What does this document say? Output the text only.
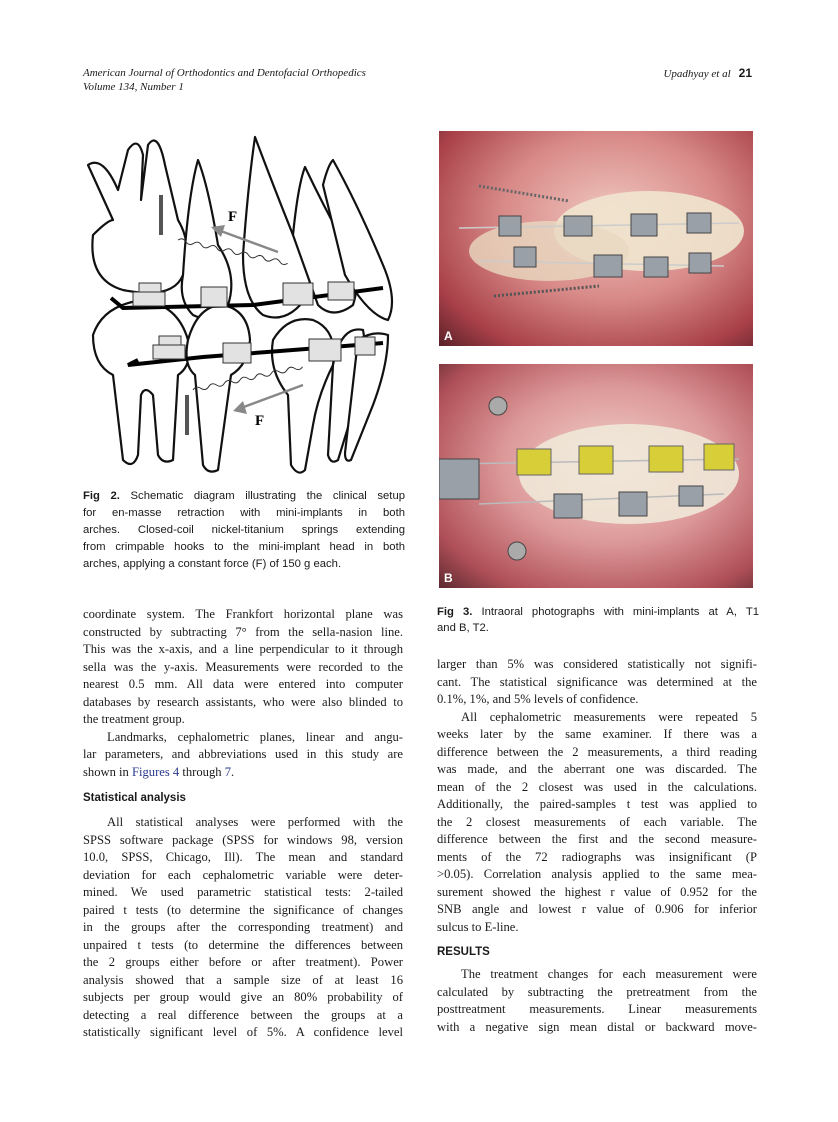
American Journal of Orthodontics and Dentofacial Orthopedics
Volume 134, Number 1
Upadhyay et al 21
F
F
Fig 2. Schematic diagram illustrating the clinical setup
for en-masse retraction with mini-implants in both
arches. Closed-coil nickel-titanium springs extending
from crimpable hooks to the mini-implant head in both
arches, applying a constant force (F) of 150 g each.
A
B
Fig 3. Intraoral photographs with mini-implants at A, T1
and B, T2.
coordinate system. The Frankfort horizontal plane was
constructed by subtracting 7° from the sella-nasion line.
This was the x-axis, and a line perpendicular to it through
sella was the y-axis. Measurements were recorded to the
nearest 0.5 mm. All data were entered into computer
databases by research assistants, who were also blinded to
the treatment group.
Landmarks, cephalometric planes, linear and angu-
lar parameters, and abbreviations used in this study are
shown in Figures 4 through 7.
Statistical analysis
All statistical analyses were performed with the
SPSS software package (SPSS for windows 98, version
10.0, SPSS, Chicago, Ill). The mean and standard
deviation for each cephalometric variable were deter-
mined. We used parametric statistical tests: 2-tailed
paired t tests (to determine the significance of changes
in the groups after the corresponding treatment) and
unpaired t tests (to determine the differences between
the 2 groups either before or after treatment). Power
analysis showed that a sample size of at least 16
subjects per group would give an 80% probability of
detecting a real difference between the groups at a
statistically significant level of 5%. A confidence level
larger than 5% was considered statistically not signifi-
cant. The statistical significance was determined at the
0.1%, 1%, and 5% levels of confidence.
All cephalometric measurements were repeated 5
weeks later by the same examiner. If there was a
difference between the 2 measurements, a third reading
was made, and the aberrant one was discarded. The
mean of the 2 closest was used in the calculations.
Additionally, the paired-samples t test was applied to
the 2 closest measurements of each variable. The
difference between the first and the second measure-
ments of the 72 radiographs was insignificant (P
>0.05). Correlation analysis applied to the same mea-
surement showed the highest r value of 0.952 for the
SNB angle and lowest r value of 0.906 for inferior
sulcus to E-line.
RESULTS
The treatment changes for each measurement were
calculated by subtracting the pretreatment from the
posttreatment measurements. Linear measurements
with a negative sign mean distal or backward move-
